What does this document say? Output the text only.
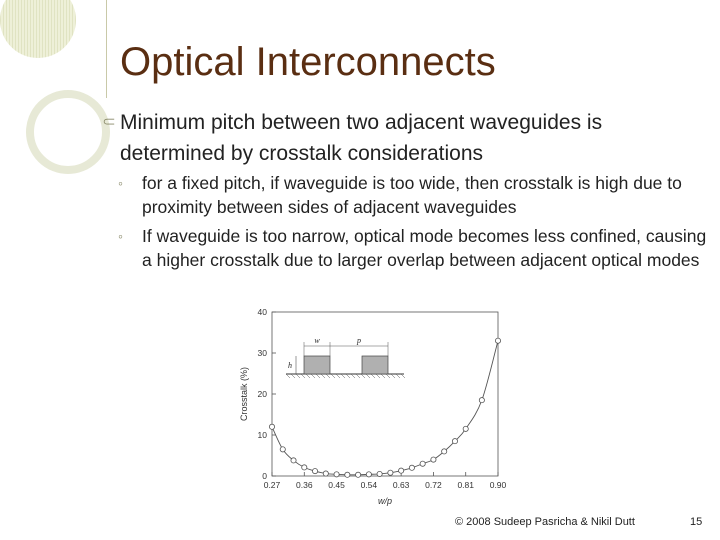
Optical Interconnects
⸦ Minimum pitch between two adjacent waveguides is determined by crosstalk considerations
◦ for a fixed pitch, if waveguide is too wide, then crosstalk is high due to proximity between sides of adjacent waveguides
◦ If waveguide is too narrow, optical mode becomes less confined, causing a higher crosstalk due to larger overlap between adjacent optical modes
0
10
20
30
40
0.27 0.36 0.45 0.54 0.63 0.72 0.81 0.90
w	p
h
w/p
Crosstalk (%)
© 2008 Sudeep Pasricha & Nikil Dutt	15
